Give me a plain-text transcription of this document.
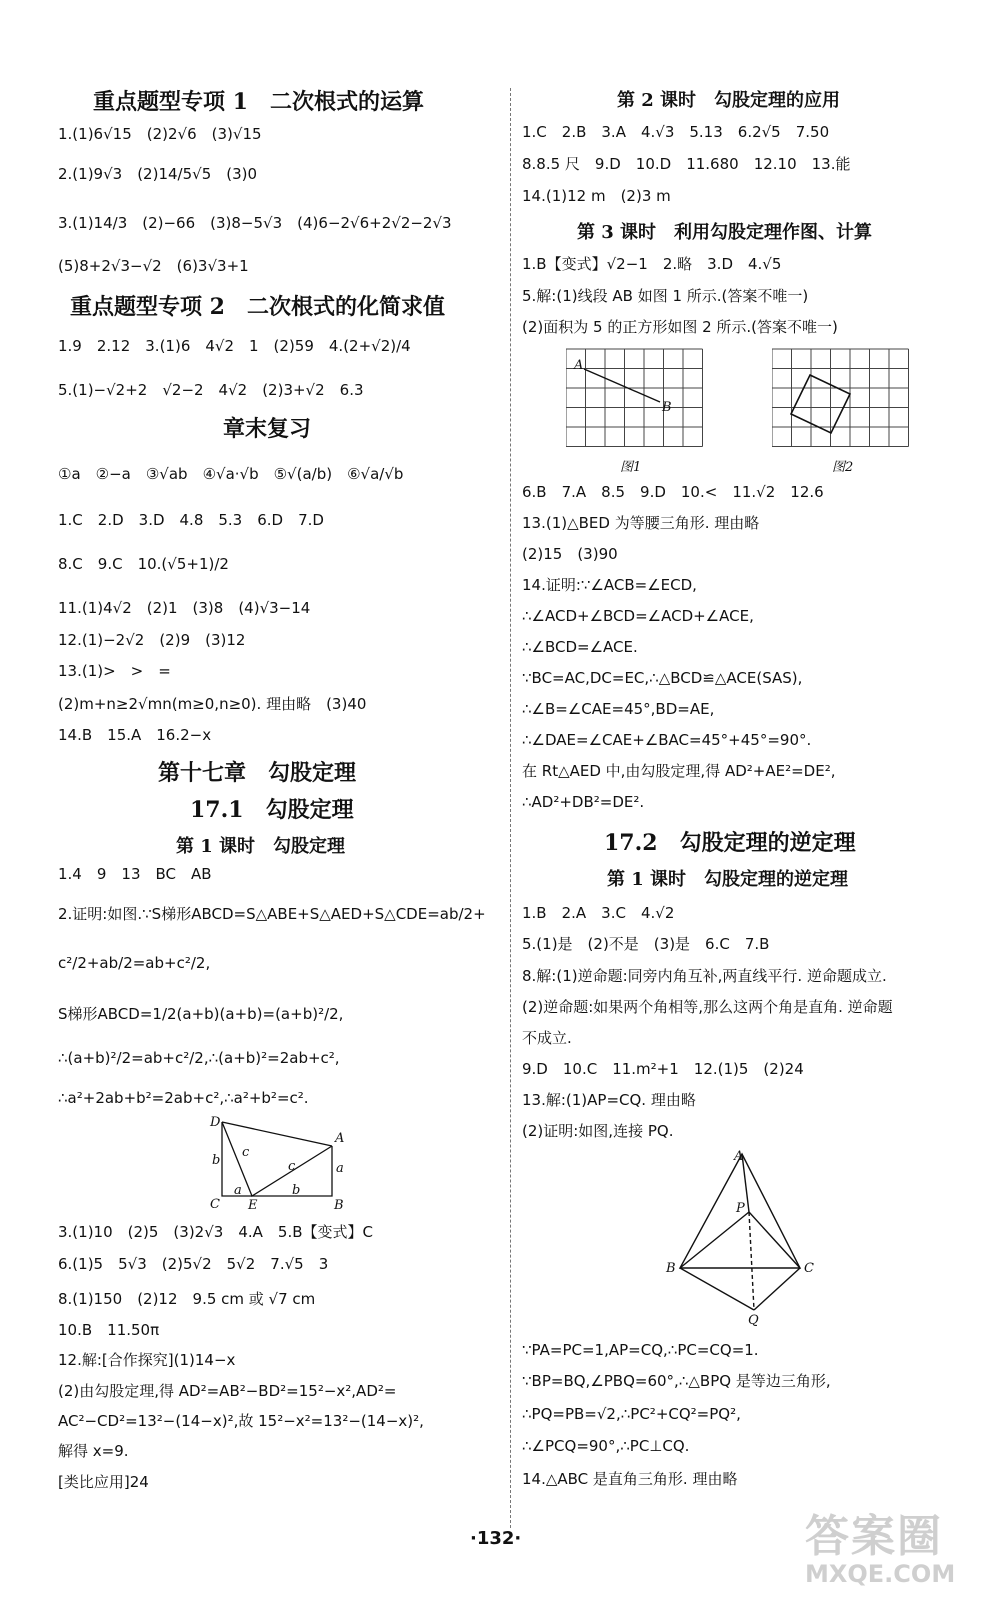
重点题型专项 1　二次根式的运算
1.(1)6√15　(2)2√6　(3)√15
2.(1)9√3　(2)14/5√5　(3)0
3.(1)14/3　(2)−66　(3)8−5√3　(4)6−2√6+2√2−2√3
(5)8+2√3−√2　(6)3√3+1
重点题型专项 2　二次根式的化简求值
1.9　2.12　3.(1)6　4√2　1　(2)59　4.(2+√2)/4
5.(1)−√2+2　√2−2　4√2　(2)3+√2　6.3
章末复习
①a　②−a　③√ab　④√a·√b　⑤√(a/b)　⑥√a/√b
1.C　2.D　3.D　4.8　5.3　6.D　7.D
8.C　9.C　10.(√5+1)/2
11.(1)4√2　(2)1　(3)8　(4)√3−14
12.(1)−2√2　(2)9　(3)12
13.(1)>　>　=
(2)m+n≥2√mn(m≥0,n≥0). 理由略　(3)40
14.B　15.A　16.2−x
第十七章　勾股定理
17.1　勾股定理
第 1 课时　勾股定理
1.4　9　13　BC　AB
2.证明:如图.∵S梯形ABCD=S△ABE+S△AED+S△CDE=ab/2+
c²/2+ab/2=ab+c²/2,
S梯形ABCD=1/2(a+b)(a+b)=(a+b)²/2,
∴(a+b)²/2=ab+c²/2,∴(a+b)²=2ab+c²,
∴a²+2ab+b²=2ab+c²,∴a²+b²=c².
D
A
C E	B
b
c
c	a
a	b
3.(1)10　(2)5　(3)2√3　4.A　5.B【变式】C
6.(1)5　5√3　(2)5√2　5√2　7.√5　3
8.(1)150　(2)12　9.5 cm 或 √7 cm
10.B　11.50π
12.解:[合作探究](1)14−x
(2)由勾股定理,得 AD²=AB²−BD²=15²−x²,AD²=
AC²−CD²=13²−(14−x)²,故 15²−x²=13²−(14−x)²,
解得 x=9.
[类比应用]24
第 2 课时　勾股定理的应用
1.C　2.B　3.A　4.√3　5.13　6.2√5　7.50
8.8.5 尺　9.D　10.D　11.680　12.10　13.能
14.(1)12 m　(2)3 m
第 3 课时　利用勾股定理作图、计算
1.B【变式】√2−1　2.略　3.D　4.√5
5.解:(1)线段 AB 如图 1 所示.(答案不唯一)
(2)面积为 5 的正方形如图 2 所示.(答案不唯一)
A
B
图1	图2
6.B　7.A　8.5　9.D　10.<　11.√2　12.6
13.(1)△BED 为等腰三角形. 理由略
(2)15　(3)90
14.证明:∵∠ACB=∠ECD,
∴∠ACD+∠BCD=∠ACD+∠ACE,
∴∠BCD=∠ACE.
∵BC=AC,DC=EC,∴△BCD≌△ACE(SAS),
∴∠B=∠CAE=45°,BD=AE,
∴∠DAE=∠CAE+∠BAC=45°+45°=90°.
在 Rt△AED 中,由勾股定理,得 AD²+AE²=DE²,
∴AD²+DB²=DE².
17.2　勾股定理的逆定理
第 1 课时　勾股定理的逆定理
1.B　2.A　3.C　4.√2
5.(1)是　(2)不是　(3)是　6.C　7.B
8.解:(1)逆命题:同旁内角互补,两直线平行. 逆命题成立.
(2)逆命题:如果两个角相等,那么这两个角是直角. 逆命题
不成立.
9.D　10.C　11.m²+1　12.(1)5　(2)24
13.解:(1)AP=CQ. 理由略
(2)证明:如图,连接 PQ.
A
P
B	C
Q
∵PA=PC=1,AP=CQ,∴PC=CQ=1.
∵BP=BQ,∠PBQ=60°,∴△BPQ 是等边三角形,
∴PQ=PB=√2,∴PC²+CQ²=PQ²,
∴∠PCQ=90°,∴PC⊥CQ.
14.△ABC 是直角三角形. 理由略
·132·	答案圈
MXQE.COM
